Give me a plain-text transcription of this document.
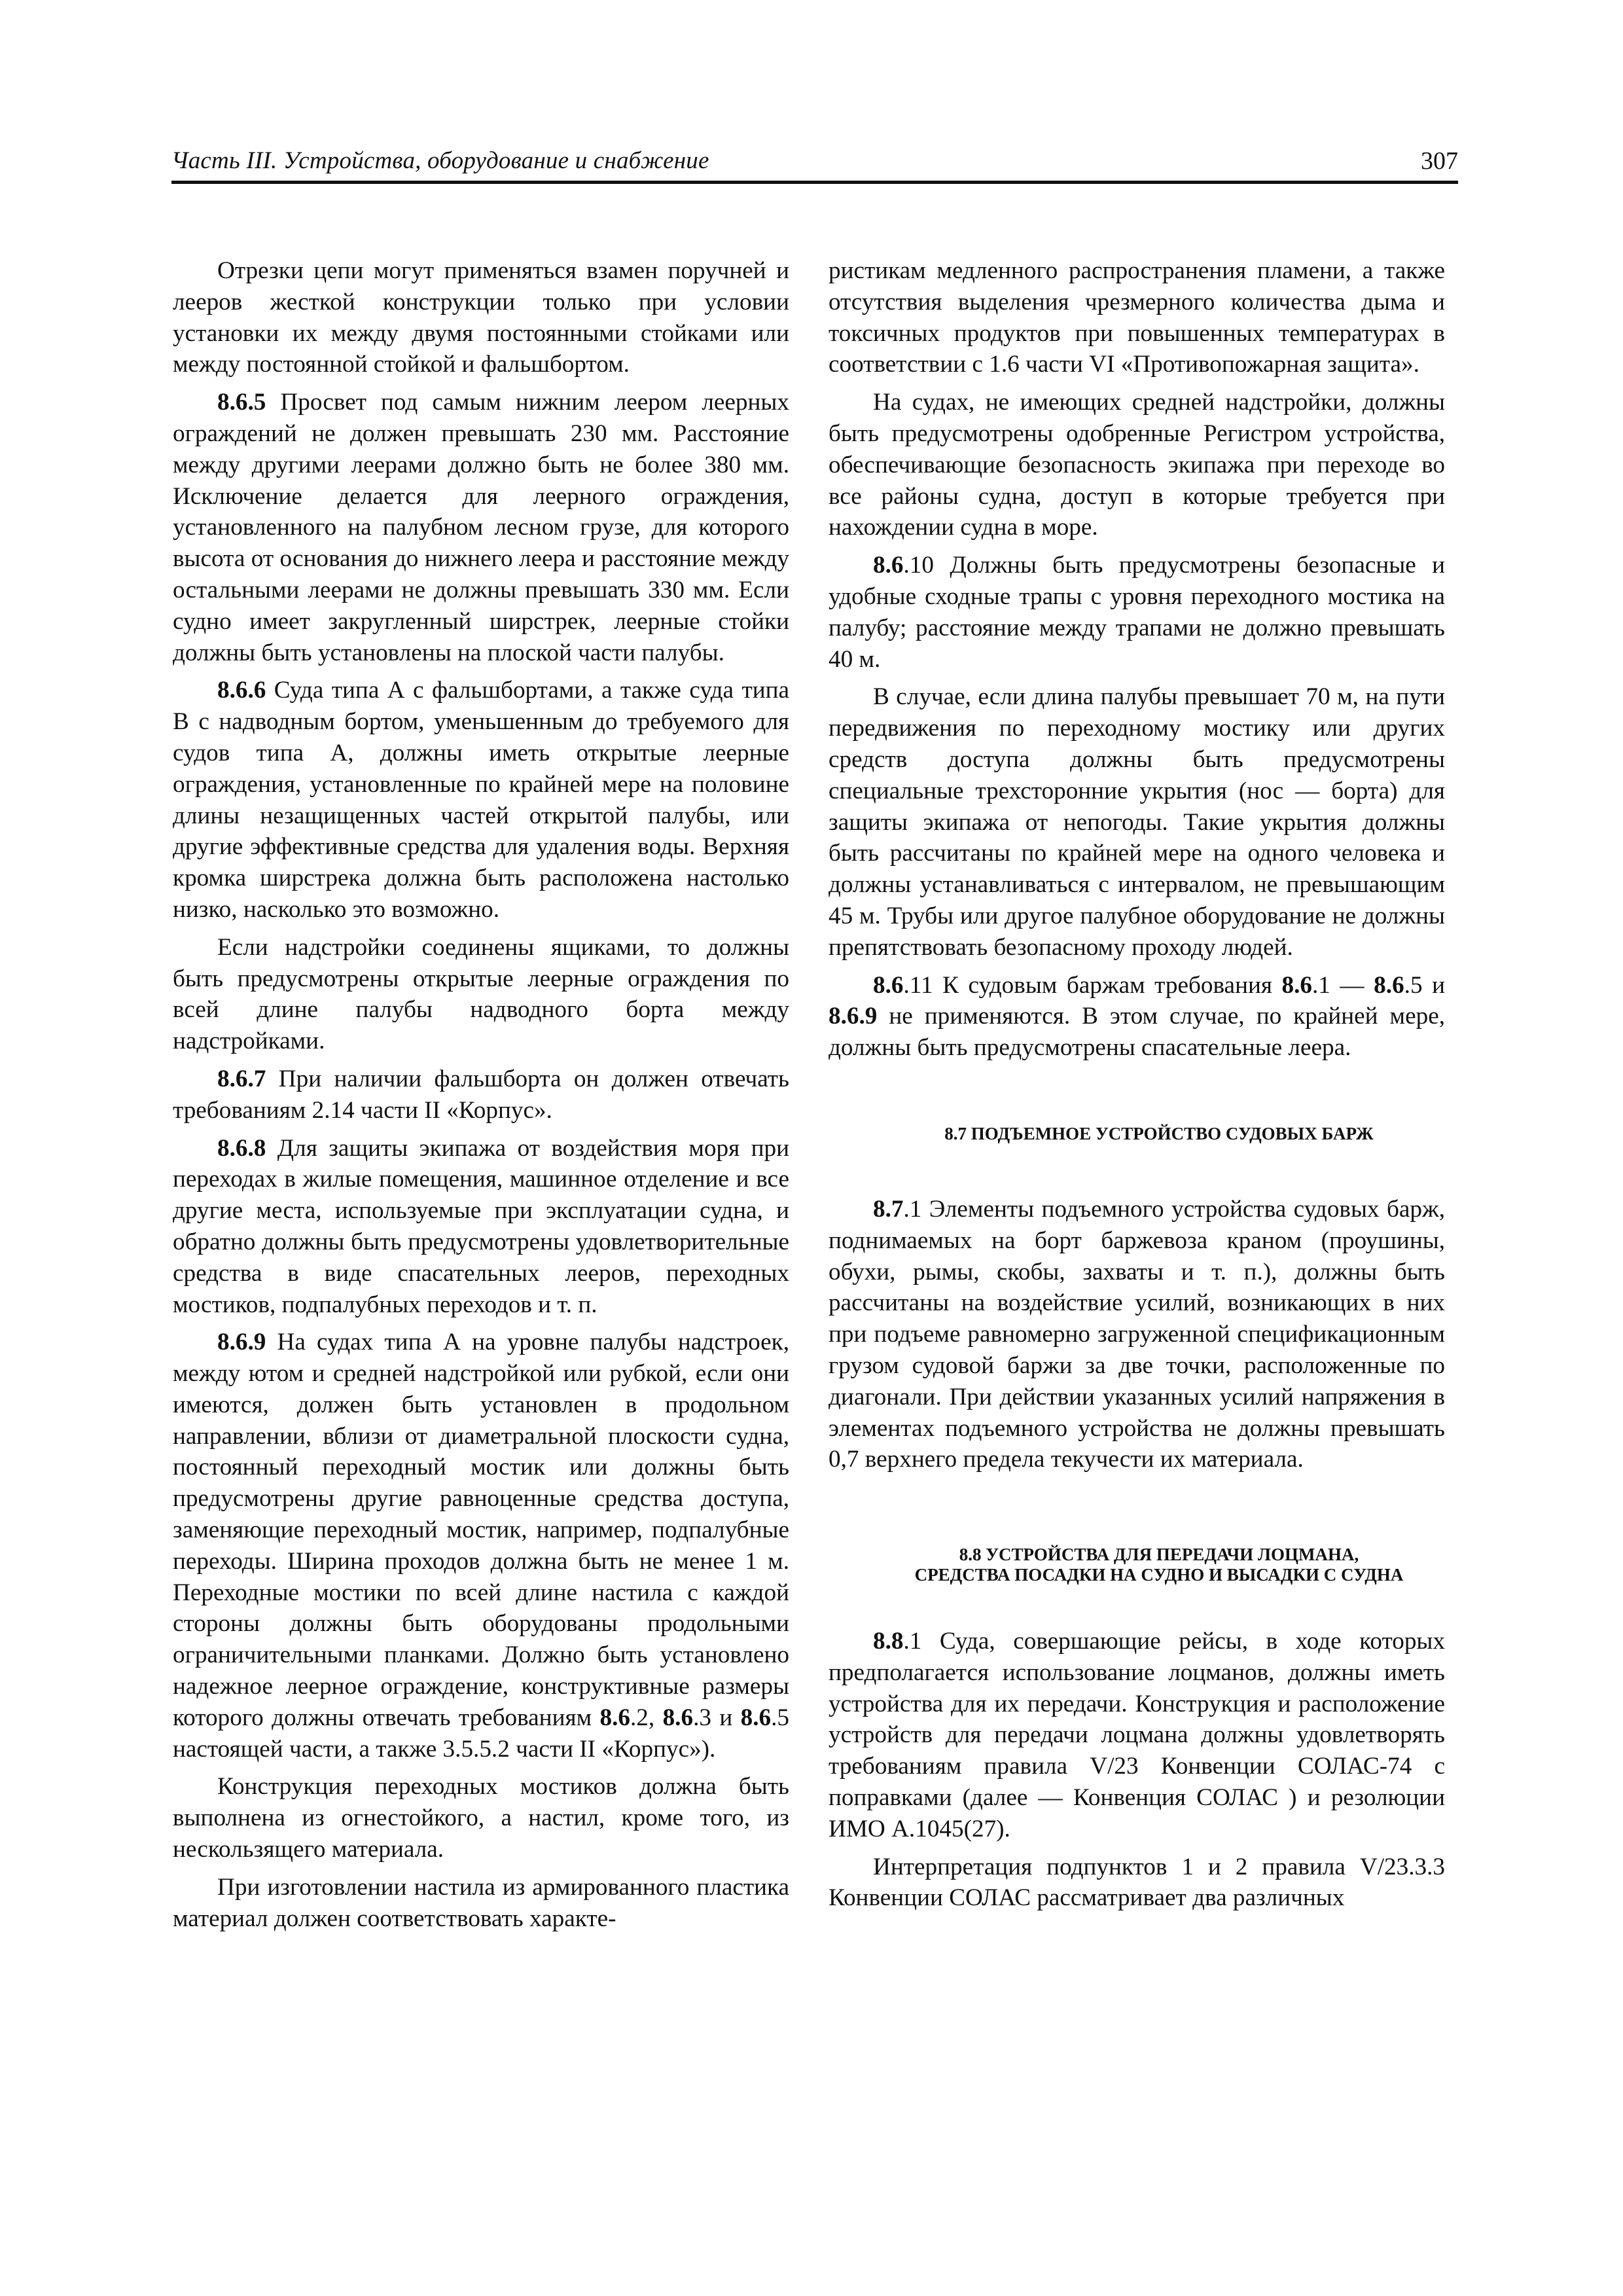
Часть III. Устройства, оборудование и снабжение	307

Отрезки цепи могут применяться взамен поручней и лееров жесткой конструкции только при условии установки их между двумя постоянными стойками или между постоянной стойкой и фальшбортом.

8.6.5 Просвет под самым нижним леером леерных ограждений не должен превышать 230 мм. Расстояние между другими леерами должно быть не более 380 мм. Исключение делается для леерного ограждения, установленного на палубном лесном грузе, для которого высота от основания до нижнего леера и расстояние между остальными леерами не должны превышать 330 мм. Если судно имеет закругленный ширстрек, леерные стойки должны быть установлены на плоской части палубы.

8.6.6 Суда типа А с фальшбортами, а также суда типа В с надводным бортом, уменьшенным до требуемого для судов типа А, должны иметь открытые леерные ограждения, установленные по крайней мере на половине длины незащищенных частей открытой палубы, или другие эффективные средства для удаления воды. Верхняя кромка ширстрека должна быть расположена настолько низко, насколько это возможно.

Если надстройки соединены ящиками, то должны быть предусмотрены открытые леерные ограждения по всей длине палубы надводного борта между надстройками.

8.6.7 При наличии фальшборта он должен отвечать требованиям 2.14 части II «Корпус».

8.6.8 Для защиты экипажа от воздействия моря при переходах в жилые помещения, машинное отделение и все другие места, используемые при эксплуатации судна, и обратно должны быть предусмотрены удовлетворительные средства в виде спасательных лееров, переходных мостиков, подпалубных переходов и т. п.

8.6.9 На судах типа А на уровне палубы надстроек, между ютом и средней надстройкой или рубкой, если они имеются, должен быть установлен в продольном направлении, вблизи от диаметральной плоскости судна, постоянный переходный мостик или должны быть предусмотрены другие равноценные средства доступа, заменяющие переходный мостик, например, подпалубные переходы. Ширина проходов должна быть не менее 1 м. Переходные мостики по всей длине настила с каждой стороны должны быть оборудованы продольными ограничительными планками. Должно быть установлено надежное леерное ограждение, конструктивные размеры которого должны отвечать требованиям 8.6.2, 8.6.3 и 8.6.5 настоящей части, а также 3.5.5.2 части II «Корпус»).

Конструкция переходных мостиков должна быть выполнена из огнестойкого, а настил, кроме того, из нескользящего материала.

При изготовлении настила из армированного пластика материал должен соответствовать характе-

ристикам медленного распространения пламени, а также отсутствия выделения чрезмерного количества дыма и токсичных продуктов при повышенных температурах в соответствии с 1.6 части VI «Противопожарная защита».

На судах, не имеющих средней надстройки, должны быть предусмотрены одобренные Регистром устройства, обеспечивающие безопасность экипажа при переходе во все районы судна, доступ в которые требуется при нахождении судна в море.

8.6.10 Должны быть предусмотрены безопасные и удобные сходные трапы с уровня переходного мостика на палубу; расстояние между трапами не должно превышать 40 м.

В случае, если длина палубы превышает 70 м, на пути передвижения по переходному мостику или других средств доступа должны быть предусмотрены специальные трехсторонние укрытия (нос — борта) для защиты экипажа от непогоды. Такие укрытия должны быть рассчитаны по крайней мере на одного человека и должны устанавливаться с интервалом, не превышающим 45 м. Трубы или другое палубное оборудование не должны препятствовать безопасному проходу людей.

8.6.11 К судовым баржам требования 8.6.1 — 8.6.5 и 8.6.9 не применяются. В этом случае, по крайней мере, должны быть предусмотрены спасательные леера.

8.7 ПОДЪЕМНОЕ УСТРОЙСТВО СУДОВЫХ БАРЖ

8.7.1 Элементы подъемного устройства судовых барж, поднимаемых на борт баржевоза краном (проушины, обухи, рымы, скобы, захваты и т. п.), должны быть рассчитаны на воздействие усилий, возникающих в них при подъеме равномерно загруженной спецификационным грузом судовой баржи за две точки, расположенные по диагонали. При действии указанных усилий напряжения в элементах подъемного устройства не должны превышать 0,7 верхнего предела текучести их материала.

8.8 УСТРОЙСТВА ДЛЯ ПЕРЕДАЧИ ЛОЦМАНА,
СРЕДСТВА ПОСАДКИ НА СУДНО И ВЫСАДКИ С СУДНА

8.8.1 Суда, совершающие рейсы, в ходе которых предполагается использование лоцманов, должны иметь устройства для их передачи. Конструкция и расположение устройств для передачи лоцмана должны удовлетворять требованиям правила V/23 Конвенции СОЛАС-74 с поправками (далее — Конвенция СОЛАС ) и резолюции ИМО А.1045(27).

Интерпретация подпунктов 1 и 2 правила V/23.3.3 Конвенции СОЛАС рассматривает два различных
